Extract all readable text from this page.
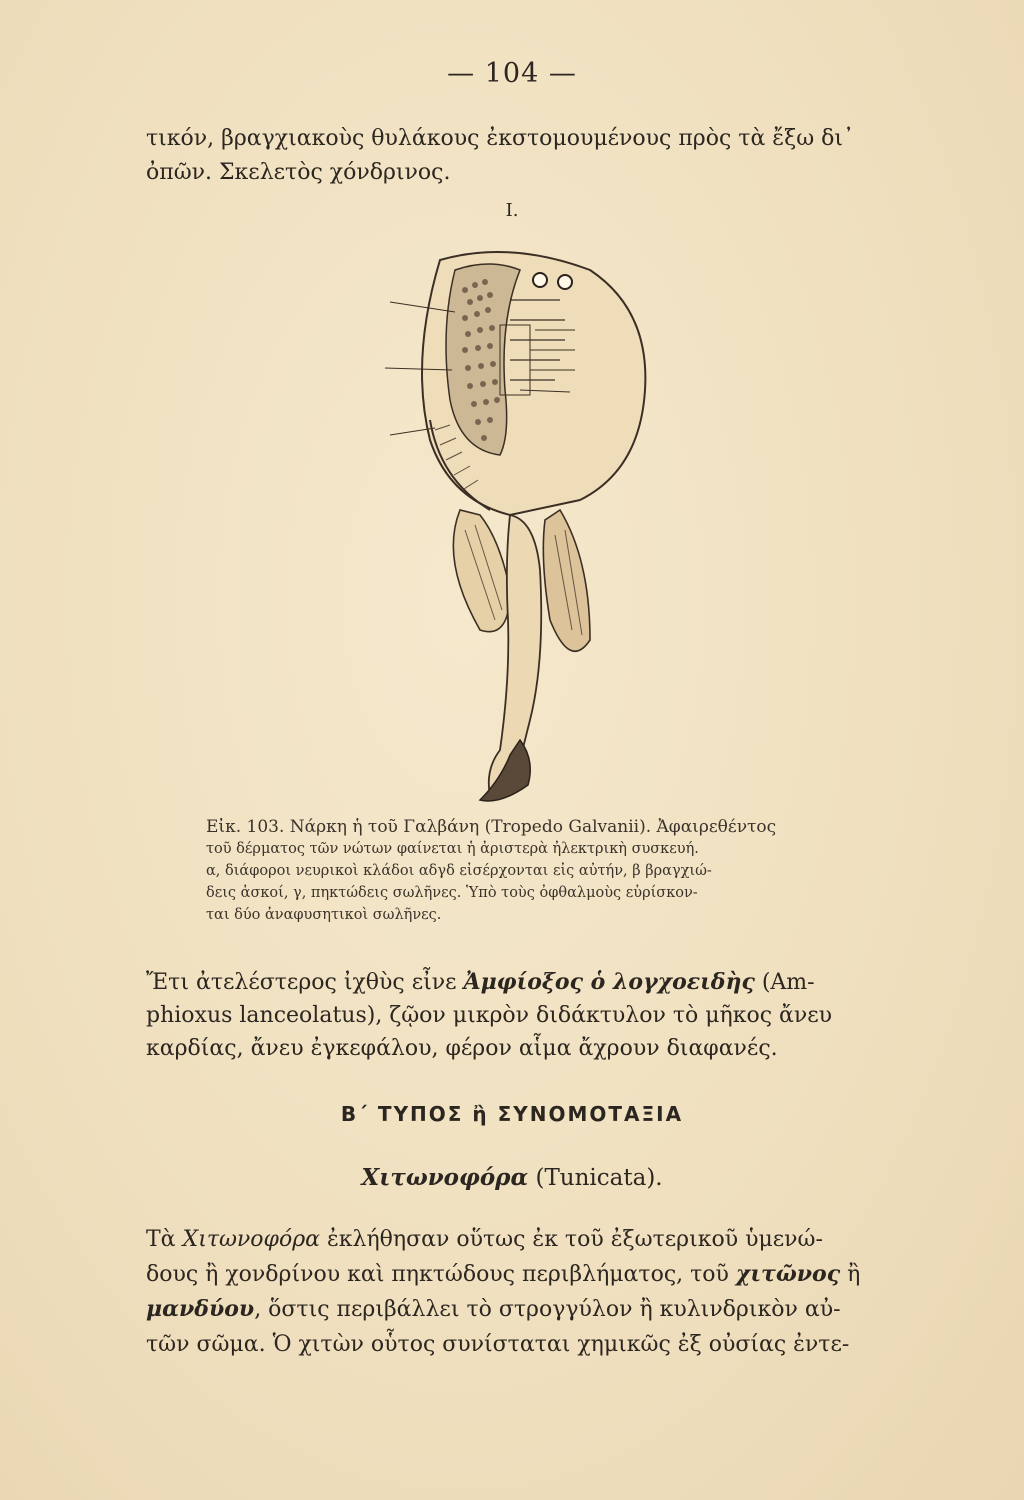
— 104 —
τικόν, βραγχιακοὺς θυλάκους ἐκστομουμένους πρὸς τὰ ἔξω δι᾽
ὀπῶν. Σκελετὸς χόνδρινος.
I.
Εἰκ. 103. Νάρκη ἡ τοῦ Γαλβάνη (Tropedo Galvanii). Ἀφαιρεθέντος
τοῦ δέρματος τῶν νώτων φαίνεται ἡ ἀριστερὰ ἠλεκτρικὴ συσκευή.
α, διάφοροι νευρικοὶ κλάδοι αδγδ εἰσέρχονται εἰς αὐτήν, β βραγχιώ-
δεις ἀσκοί, γ, πηκτώδεις σωλῆνες. Ὑπὸ τοὺς ὀφθαλμοὺς εὑρίσκον-
ται δύο ἀναφυσητικοὶ σωλῆνες.
Ἔτι ἀτελέστερος ἰχθὺς εἶνε Ἀμφίοξος ὁ λογχοειδὴς (Am-
phioxus lanceolatus), ζῷον μικρὸν διδάκτυλον τὸ μῆκος ἄνευ
καρδίας, ἄνευ ἐγκεφάλου, φέρον αἷμα ἄχρουν διαφανές.
Β΄ ΤΥΠΟΣ ἢ ΣΥΝΟΜΟΤΑΞΙΑ
Χιτωνοφόρα (Tunicata).
Τὰ Χιτωνοφόρα ἐκλήθησαν οὕτως ἐκ τοῦ ἐξωτερικοῦ ὑμενώ-
δους ἢ χονδρίνου καὶ πηκτώδους περιβλήματος, τοῦ χιτῶνος ἢ
μανδύου, ὅστις περιβάλλει τὸ στρογγύλον ἢ κυλινδρικὸν αὐ-
τῶν σῶμα. Ὁ χιτὼν οὗτος συνίσταται χημικῶς ἐξ οὐσίας ἐντε-
